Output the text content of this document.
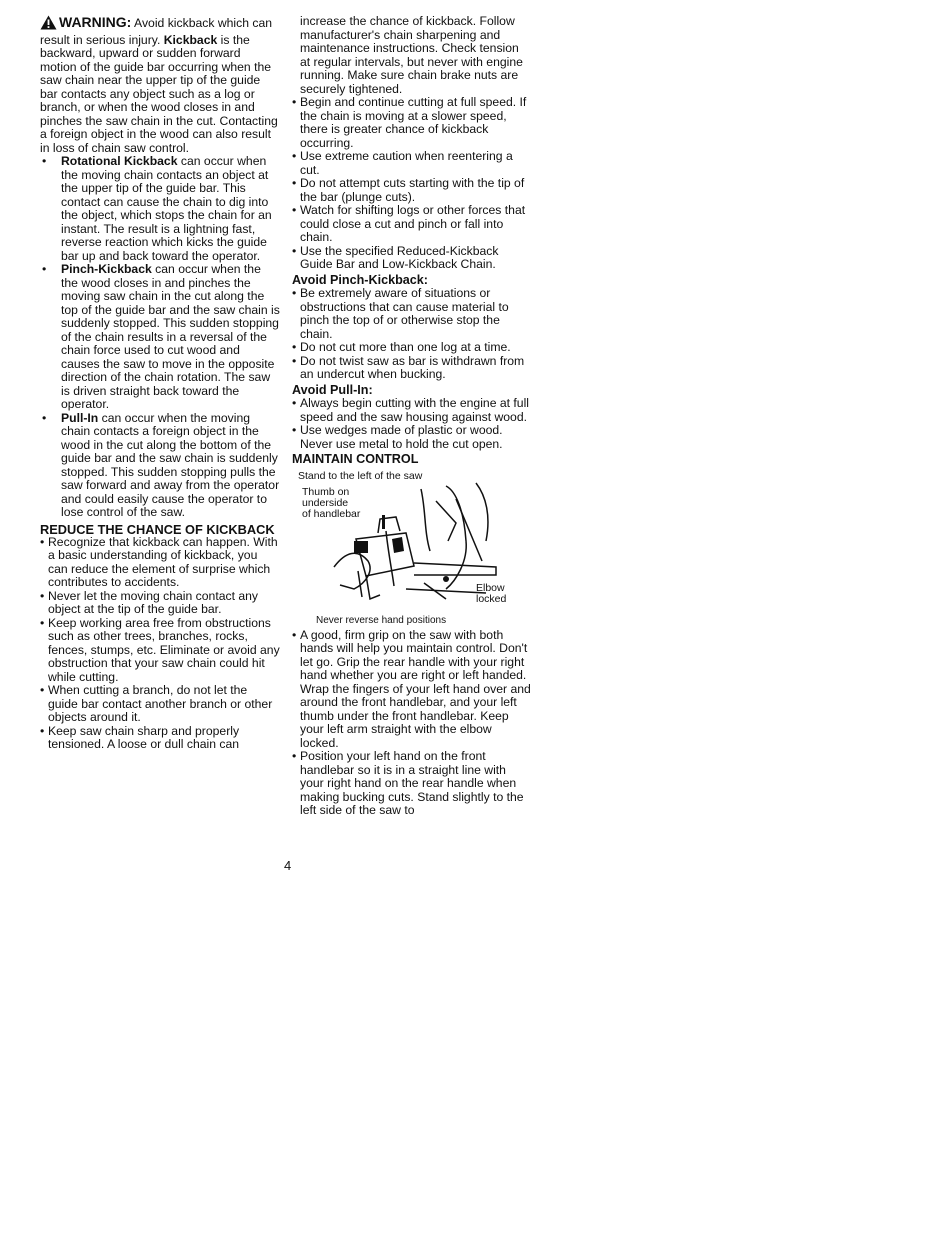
WARNING: Avoid kickback which can result in serious injury. Kickback is the backward, upward or sudden forward motion of the guide bar occurring when the saw chain near the upper tip of the guide bar contacts any object such as a log or branch, or when the wood closes in and pinches the saw chain in the cut. Contacting a foreign object in the wood can also result in loss of chain saw control.

• Rotational Kickback can occur when the moving chain contacts an object at the upper tip of the guide bar. This contact can cause the chain to dig into the object, which stops the chain for an instant. The result is a lightning fast, reverse reaction which kicks the guide bar up and back toward the operator.
• Pinch-Kickback can occur when the the wood closes in and pinches the moving saw chain in the cut along the top of the guide bar and the saw chain is suddenly stopped. This sudden stopping of the chain results in a reversal of the chain force used to cut wood and causes the saw to move in the opposite direction of the chain rotation. The saw is driven straight back toward the operator.
• Pull-In can occur when the moving chain contacts a foreign object in the wood in the cut along the bottom of the guide bar and the saw chain is suddenly stopped. This sudden stopping pulls the saw forward and away from the operator and could easily cause the operator to lose control of the saw.

REDUCE THE CHANCE OF KICKBACK

• Recognize that kickback can happen. With a basic understanding of kickback, you can reduce the element of surprise which contributes to accidents.
• Never let the moving chain contact any object at the tip of the guide bar.
• Keep working area free from obstructions such as other trees, branches, rocks, fences, stumps, etc. Eliminate or avoid any obstruction that your saw chain could hit while cutting.
• When cutting a branch, do not let the guide bar contact another branch or other objects around it.
• Keep saw chain sharp and properly tensioned. A loose or dull chain can

increase the chance of kickback. Follow manufacturer's chain sharpening and maintenance instructions. Check tension at regular intervals, but never with engine running. Make sure chain brake nuts are securely tightened.

• Begin and continue cutting at full speed. If the chain is moving at a slower speed, there is greater chance of kickback occurring.
• Use extreme caution when reentering a cut.
• Do not attempt cuts starting with the tip of the bar (plunge cuts).
• Watch for shifting logs or other forces that could close a cut and pinch or fall into chain.
• Use the specified Reduced-Kickback Guide Bar and Low-Kickback Chain.

Avoid Pinch-Kickback:

• Be extremely aware of situations or obstructions that can cause material to pinch the top of or otherwise stop the chain.
• Do not cut more than one log at a time.
• Do not twist saw as bar is withdrawn from an undercut when bucking.

Avoid Pull-In:

• Always begin cutting with the engine at full speed and the saw housing against wood.
• Use wedges made of plastic or wood. Never use metal to hold the cut open.

MAINTAIN CONTROL

Stand to the left of the saw
Thumb on
underside
of handlebar
Elbow
locked
Never reverse hand positions
• A good, firm grip on the saw with both hands will help you maintain control. Don't let go. Grip the rear handle with your right hand whether you are right or left handed. Wrap the fingers of your left hand over and around the front handlebar, and your left thumb under the front handlebar. Keep your left arm straight with the elbow locked.
• Position your left hand on the front handlebar so it is in a straight line with your right hand on the rear handle when making bucking cuts. Stand slightly to the left side of the saw to
4
